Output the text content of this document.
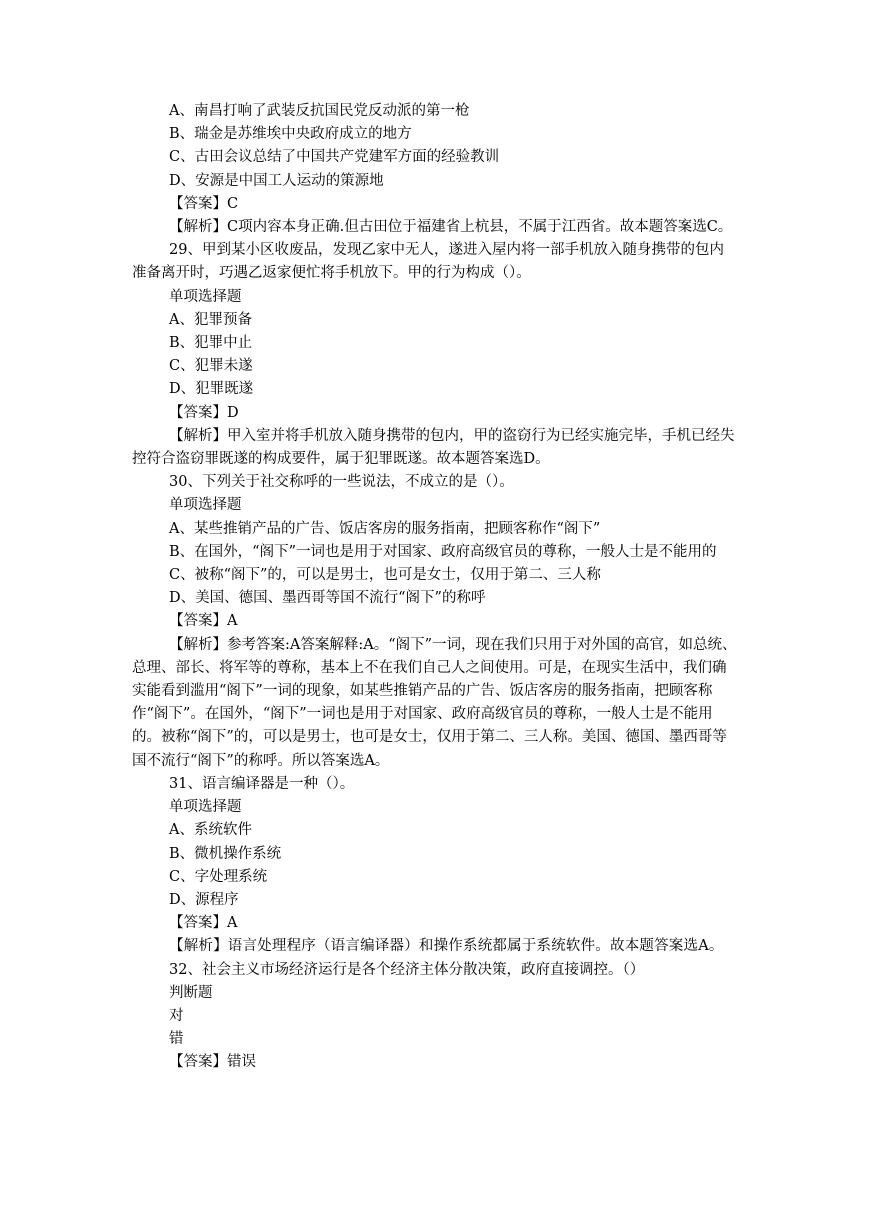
A、南昌打响了武装反抗国民党反动派的第一枪

B、瑞金是苏维埃中央政府成立的地方

C、古田会议总结了中国共产党建军方面的经验教训

D、安源是中国工人运动的策源地

【答案】C

【解析】C项内容本身正确.但古田位于福建省上杭县，不属于江西省。故本题答案选C。

29、甲到某小区收废品，发现乙家中无人，遂进入屋内将一部手机放入随身携带的包内准备离开时，巧遇乙返家便忙将手机放下。甲的行为构成（）。

单项选择题

A、犯罪预备

B、犯罪中止

C、犯罪未遂

D、犯罪既遂

【答案】D

【解析】甲入室并将手机放入随身携带的包内，甲的盗窃行为已经实施完毕，手机已经失控符合盗窃罪既遂的构成要件，属于犯罪既遂。故本题答案选D。

30、下列关于社交称呼的一些说法，不成立的是（）。

单项选择题

A、某些推销产品的广告、饭店客房的服务指南，把顾客称作“阁下”

B、在国外，“阁下”一词也是用于对国家、政府高级官员的尊称，一般人士是不能用的

C、被称“阁下”的，可以是男士，也可是女士，仅用于第二、三人称

D、美国、德国、墨西哥等国不流行“阁下”的称呼

【答案】A

【解析】参考答案:A答案解释:A。“阁下”一词，现在我们只用于对外国的高官，如总统、总理、部长、将军等的尊称，基本上不在我们自己人之间使用。可是，在现实生活中，我们确实能看到滥用“阁下”一词的现象，如某些推销产品的广告、饭店客房的服务指南，把顾客称作“阁下”。在国外，“阁下”一词也是用于对国家、政府高级官员的尊称，一般人士是不能用的。被称“阁下”的，可以是男士，也可是女士，仅用于第二、三人称。美国、德国、墨西哥等国不流行“阁下”的称呼。所以答案选A。

31、语言编译器是一种（）。

单项选择题

A、系统软件

B、微机操作系统

C、字处理系统

D、源程序

【答案】A

【解析】语言处理程序（语言编译器）和操作系统都属于系统软件。故本题答案选A。

32、社会主义市场经济运行是各个经济主体分散决策，政府直接调控。（）

判断题

对

错

【答案】错误
